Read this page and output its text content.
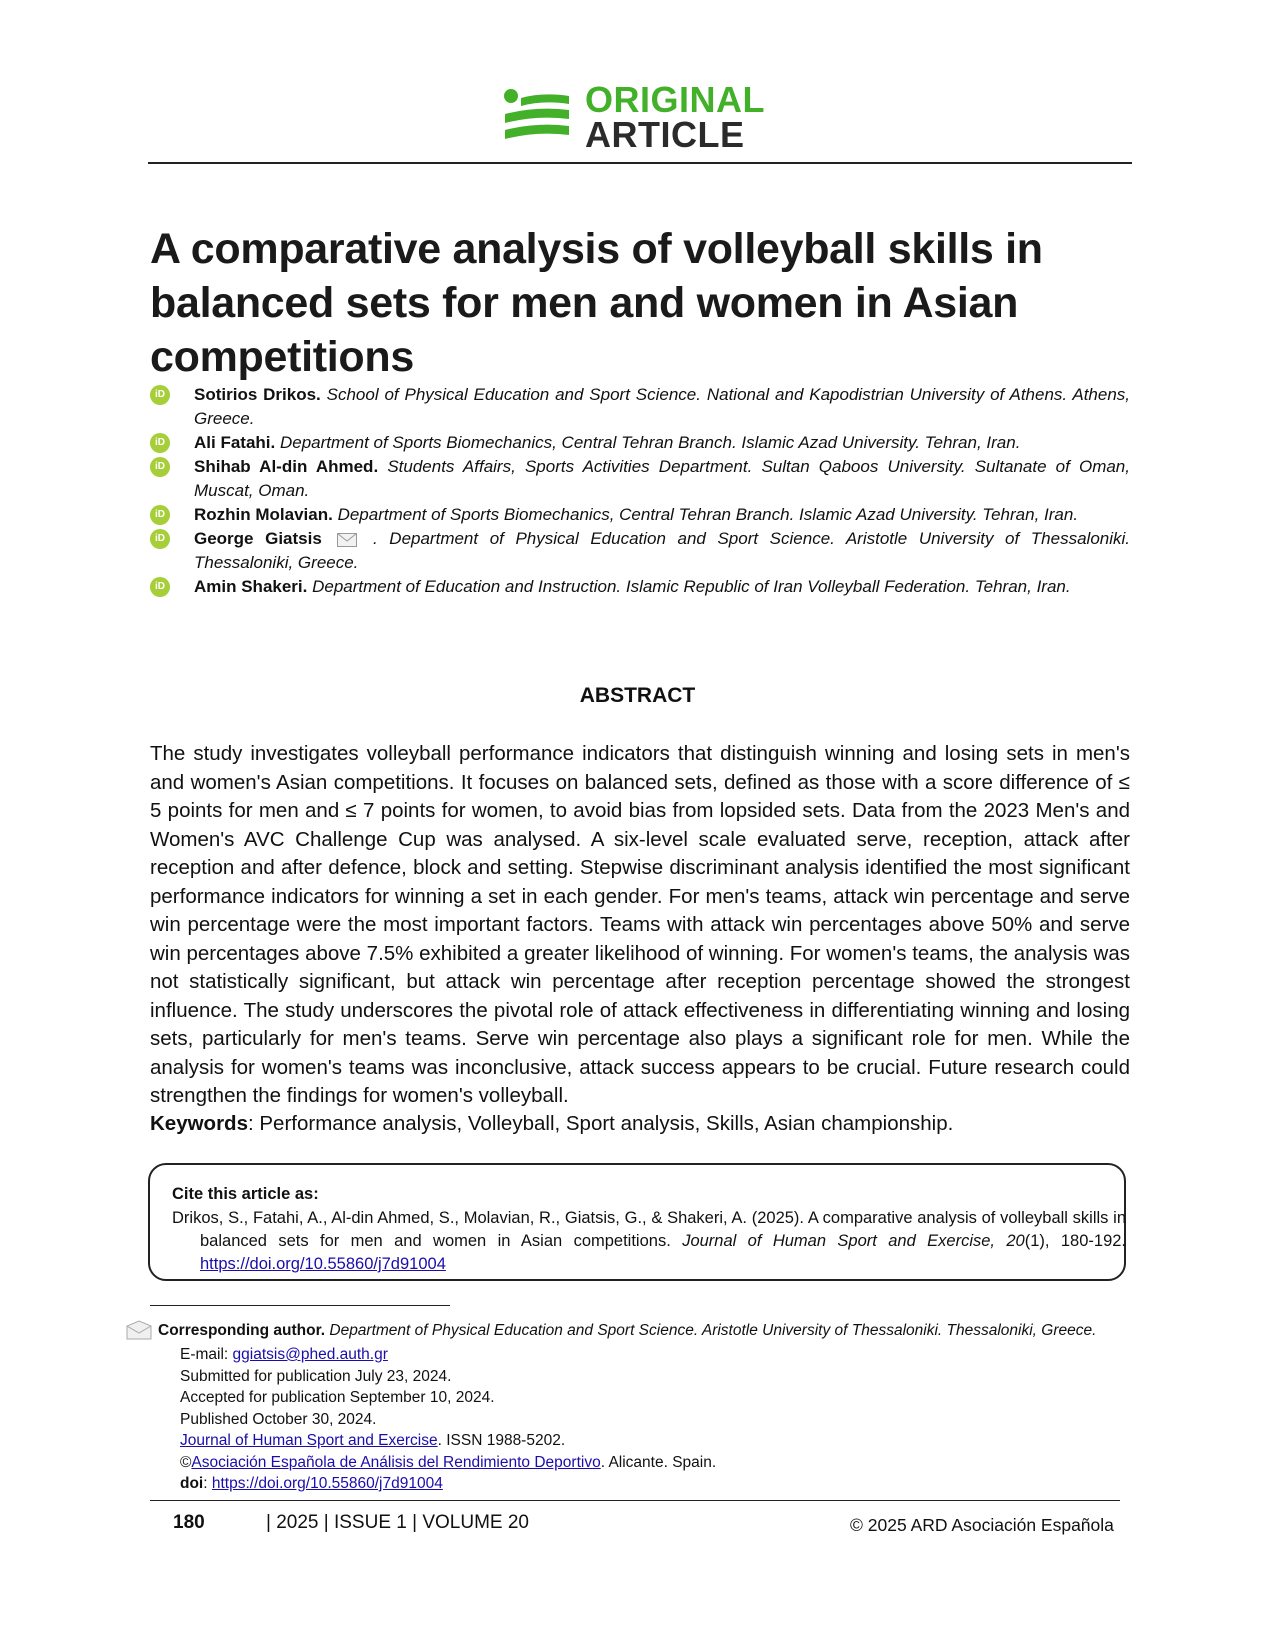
ORIGINAL
ARTICLE
A comparative analysis of volleyball skills in balanced sets for men and women in Asian competitions
iD Sotirios Drikos. School of Physical Education and Sport Science. National and Kapodistrian University of Athens. Athens, Greece.
iD Ali Fatahi. Department of Sports Biomechanics, Central Tehran Branch. Islamic Azad University. Tehran, Iran.
iD Shihab Al-din Ahmed. Students Affairs, Sports Activities Department. Sultan Qaboos University. Sultanate of Oman, Muscat, Oman.
iD Rozhin Molavian. Department of Sports Biomechanics, Central Tehran Branch. Islamic Azad University. Tehran, Iran.
iD George Giatsis	. Department of Physical Education and Sport Science. Aristotle University of Thessaloniki. Thessaloniki, Greece.
iD Amin Shakeri. Department of Education and Instruction. Islamic Republic of Iran Volleyball Federation. Tehran, Iran.
ABSTRACT
The study investigates volleyball performance indicators that distinguish winning and losing sets in men's and women's Asian competitions. It focuses on balanced sets, defined as those with a score difference of ≤ 5 points for men and ≤ 7 points for women, to avoid bias from lopsided sets. Data from the 2023 Men's and Women's AVC Challenge Cup was analysed. A six-level scale evaluated serve, reception, attack after reception and after defence, block and setting. Stepwise discriminant analysis identified the most significant performance indicators for winning a set in each gender. For men's teams, attack win percentage and serve win percentage were the most important factors. Teams with attack win percentages above 50% and serve win percentages above 7.5% exhibited a greater likelihood of winning. For women's teams, the analysis was not statistically significant, but attack win percentage after reception percentage showed the strongest influence. The study underscores the pivotal role of attack effectiveness in differentiating winning and losing sets, particularly for men's teams. Serve win percentage also plays a significant role for men. While the analysis for women's teams was inconclusive, attack success appears to be crucial. Future research could strengthen the findings for women's volleyball.
Keywords: Performance analysis, Volleyball, Sport analysis, Skills, Asian championship.
Cite this article as:
Drikos, S., Fatahi, A., Al-din Ahmed, S., Molavian, R., Giatsis, G., & Shakeri, A. (2025). A comparative analysis of volleyball skills in balanced sets for men and women in Asian competitions. Journal of Human Sport and Exercise, 20(1), 180-192. https://doi.org/10.55860/j7d91004
Corresponding author. Department of Physical Education and Sport Science. Aristotle University of Thessaloniki. Thessaloniki, Greece.
E-mail: ggiatsis@phed.auth.gr
Submitted for publication July 23, 2024.
Accepted for publication September 10, 2024.
Published October 30, 2024.
Journal of Human Sport and Exercise. ISSN 1988-5202.
©Asociación Española de Análisis del Rendimiento Deportivo. Alicante. Spain.
doi: https://doi.org/10.55860/j7d91004
180	| 2025 | ISSUE 1 | VOLUME 20	© 2025 ARD Asociación Española
